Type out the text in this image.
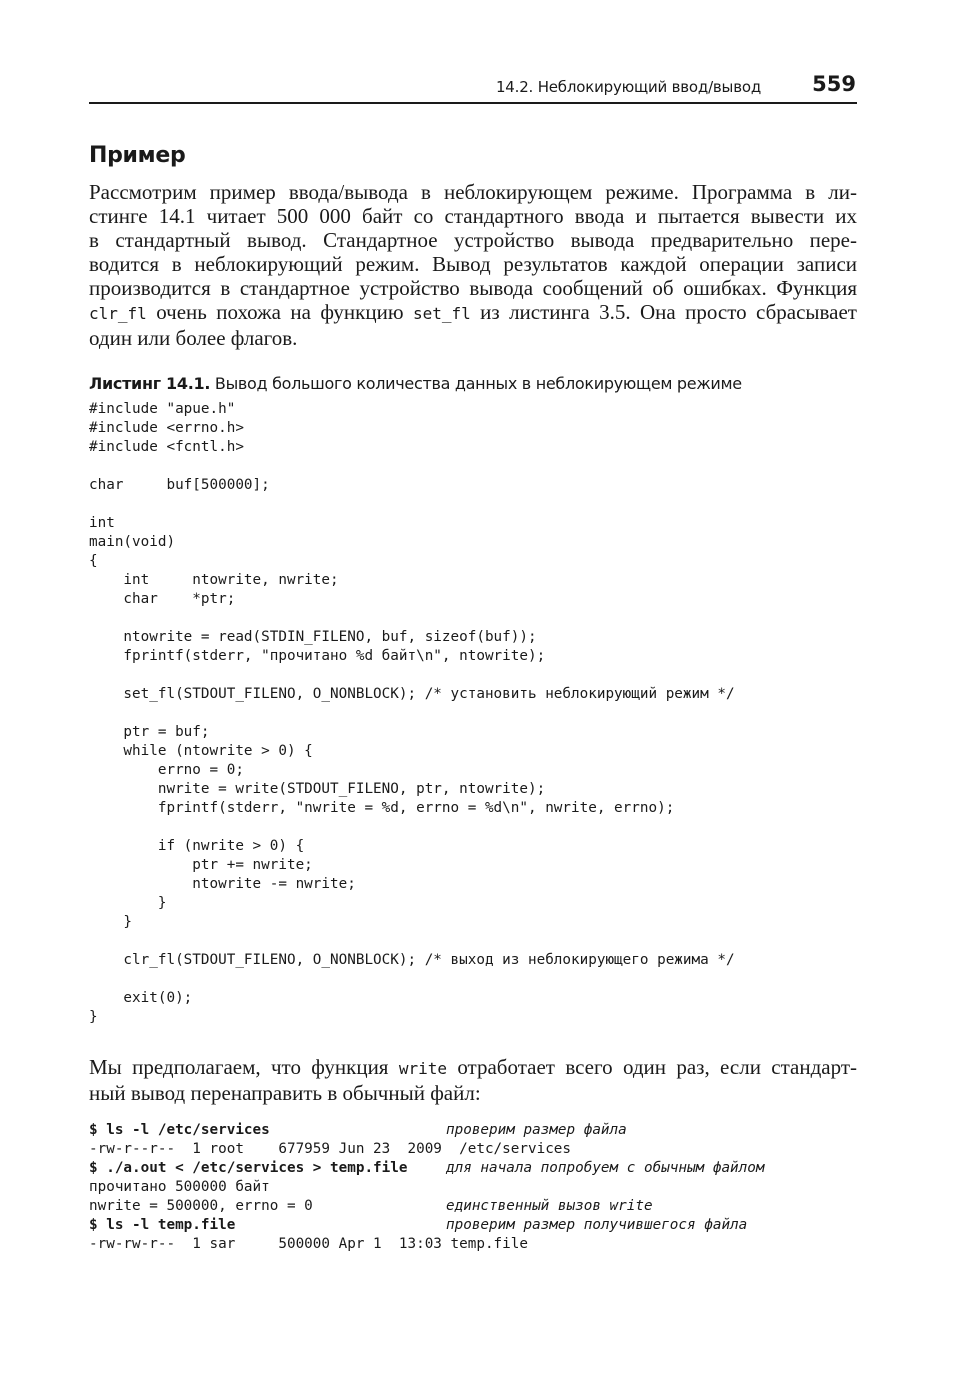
14.2. Неблокирующий ввод/вывод 559
Пример

Рассмотрим пример ввода/вывода в неблокирующем режиме. Программа в ли-
стинге 14.1 читает 500 000 байт со стандартного ввода и пытается вывести их
в стандартный вывод. Стандартное устройство вывода предварительно пере-
водится в неблокирующий режим. Вывод результатов каждой операции записи
производится в стандартное устройство вывода сообщений об ошибках. Функция
clr_fl очень похожа на функцию set_fl из листинга 3.5. Она просто сбрасывает
один или более флагов.

Листинг 14.1. Вывод большого количества данных в неблокирующем режиме
#include "apue.h"
#include <errno.h>
#include <fcntl.h>

char     buf[500000];

int
main(void)
{
int     ntowrite, nwrite;
char    *ptr;

ntowrite = read(STDIN_FILENO, buf, sizeof(buf));
fprintf(stderr, "прочитано %d байт\n", ntowrite);

set_fl(STDOUT_FILENO, O_NONBLOCK); /* установить неблокирующий режим */

ptr = buf;
while (ntowrite > 0) {
errno = 0;
nwrite = write(STDOUT_FILENO, ptr, ntowrite);
fprintf(stderr, "nwrite = %d, errno = %d\n", nwrite, errno);

if (nwrite > 0) {
ptr += nwrite;
ntowrite -= nwrite;
}
}

clr_fl(STDOUT_FILENO, O_NONBLOCK); /* выход из неблокирующего режима */

exit(0);
}

Мы предполагаем, что функция write отработает всего один раз, если стандарт-
ный вывод перенаправить в обычный файл:

$ ls -l /etc/services

	проверим размер файла

-rw-r--r--  1 root    677959 Jun 23  2009  /etc/services

$ ./a.out < /etc/services > temp.file

	для начала попробуем с обычным файлом

прочитано 500000 байт

nwrite = 500000, errno = 0

	единственный вызов write

$ ls -l temp.file

	проверим размер получившегося файла

-rw-rw-r--  1 sar     500000 Apr 1  13:03 temp.file
